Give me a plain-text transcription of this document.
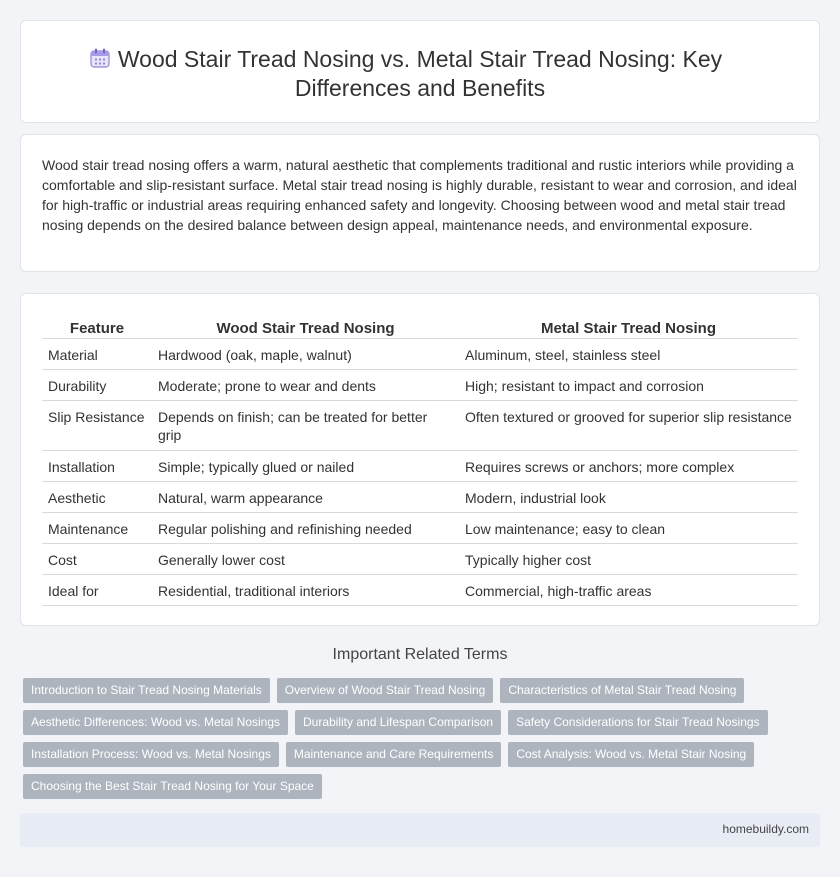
Wood Stair Tread Nosing vs. Metal Stair Tread Nosing: Key Differences and Benefits

Wood stair tread nosing offers a warm, natural aesthetic that complements traditional and rustic interiors while providing a comfortable and slip-resistant surface. Metal stair tread nosing is highly durable, resistant to wear and corrosion, and ideal for high-traffic or industrial areas requiring enhanced safety and longevity. Choosing between wood and metal stair tread nosing depends on the desired balance between design appeal, maintenance needs, and environmental exposure.

Feature	Wood Stair Tread Nosing	Metal Stair Tread Nosing
Material	Hardwood (oak, maple, walnut)	Aluminum, steel, stainless steel
Durability	Moderate; prone to wear and dents	High; resistant to impact and corrosion
Slip Resistance	Depends on finish; can be treated for better grip	Often textured or grooved for superior slip resistance
Installation	Simple; typically glued or nailed	Requires screws or anchors; more complex
Aesthetic	Natural, warm appearance	Modern, industrial look
Maintenance	Regular polishing and refinishing needed	Low maintenance; easy to clean
Cost	Generally lower cost	Typically higher cost
Ideal for	Residential, traditional interiors	Commercial, high-traffic areas
Important Related Terms
Introduction to Stair Tread Nosing Materials	Overview of Wood Stair Tread Nosing	Characteristics of Metal Stair Tread Nosing
Aesthetic Differences: Wood vs. Metal Nosings	Durability and Lifespan Comparison	Safety Considerations for Stair Tread Nosings
Installation Process: Wood vs. Metal Nosings	Maintenance and Care Requirements	Cost Analysis: Wood vs. Metal Stair Nosing
Choosing the Best Stair Tread Nosing for Your Space
homebuildy.com
